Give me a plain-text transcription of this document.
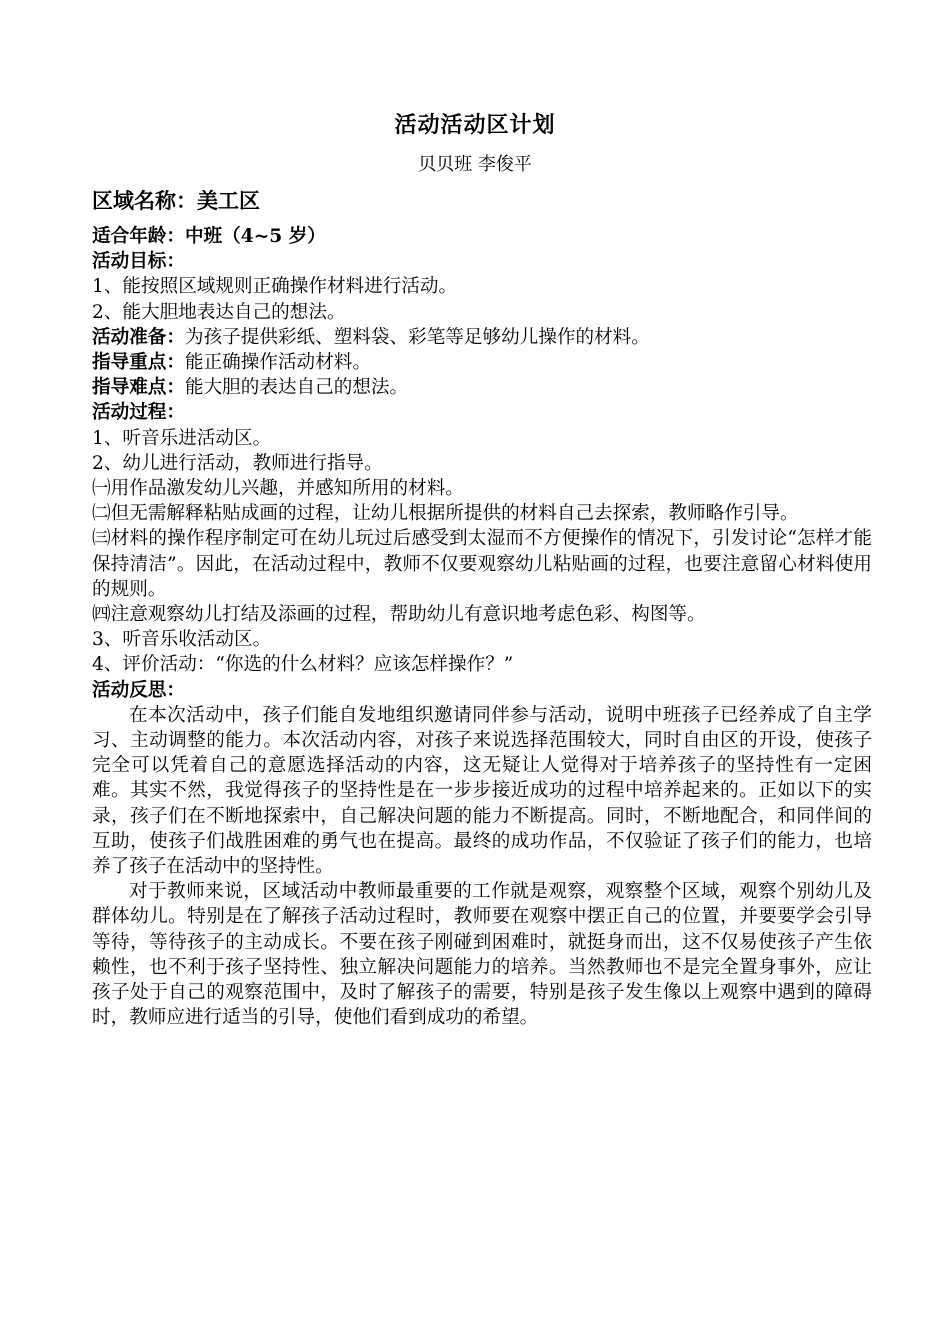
活动活动区计划
贝贝班 李俊平
区域名称：美工区
适合年龄：中班（4~5 岁）
活动目标：
1、能按照区域规则正确操作材料进行活动。
2、能大胆地表达自己的想法。
活动准备：为孩子提供彩纸、塑料袋、彩笔等足够幼儿操作的材料。
指导重点：能正确操作活动材料。
指导难点：能大胆的表达自己的想法。
活动过程：
1、听音乐进活动区。
2、幼儿进行活动，教师进行指导。
㈠用作品激发幼儿兴趣，并感知所用的材料。

㈡但无需解释粘贴成画的过程，让幼儿根据所提供的材料自己去探索，教师略作引导。

㈢材料的操作程序制定可在幼儿玩过后感受到太湿而不方便操作的情况下，引发讨论“怎样才能保持清洁”。因此，在活动过程中，教师不仅要观察幼儿粘贴画的过程，也要注意留心材料使用的规则。

㈣注意观察幼儿打结及添画的过程，帮助幼儿有意识地考虑色彩、构图等。
3、听音乐收活动区。
4、评价活动：“你选的什么材料？应该怎样操作？”
活动反思：

在本次活动中，孩子们能自发地组织邀请同伴参与活动，说明中班孩子已经养成了自主学习、主动调整的能力。本次活动内容，对孩子来说选择范围较大，同时自由区的开设，使孩子完全可以凭着自己的意愿选择活动的内容，这无疑让人觉得对于培养孩子的坚持性有一定困难。其实不然，我觉得孩子的坚持性是在一步步接近成功的过程中培养起来的。正如以下的实录，孩子们在不断地探索中，自己解决问题的能力不断提高。同时，不断地配合，和同伴间的互助，使孩子们战胜困难的勇气也在提高。最终的成功作品，不仅验证了孩子们的能力，也培养了孩子在活动中的坚持性。

对于教师来说，区域活动中教师最重要的工作就是观察，观察整个区域，观察个别幼儿及群体幼儿。特别是在了解孩子活动过程时，教师要在观察中摆正自己的位置，并要要学会引导等待，等待孩子的主动成长。不要在孩子刚碰到困难时，就挺身而出，这不仅易使孩子产生依赖性，也不利于孩子坚持性、独立解决问题能力的培养。当然教师也不是完全置身事外，应让孩子处于自己的观察范围中，及时了解孩子的需要，特别是孩子发生像以上观察中遇到的障碍时，教师应进行适当的引导，使他们看到成功的希望。
